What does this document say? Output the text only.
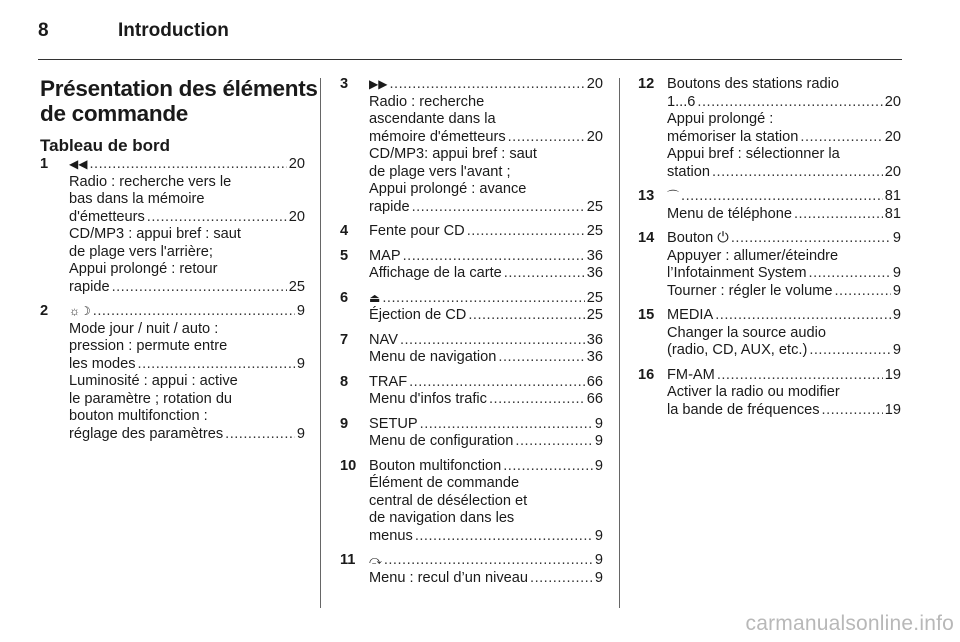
8	Introduction
Présentation des éléments
de commande
Tableau de bord
1	◀◀ .....	20
Radio : recherche vers le
bas dans la mémoire
d'émetteurs .....	20
CD/MP3 : appui bref : saut
de plage vers l'arrière;
Appui prolongé : retour
rapide .....	25
2	☼☽ .....	9
Mode jour / nuit / auto :
pression : permute entre
les modes .....	9
Luminosité : appui : active
le paramètre ; rotation du
bouton multifonction :
réglage des paramètres .....	9
3	▶▶ .....	20
Radio : recherche
ascendante dans la
mémoire d'émetteurs .....	20
CD/MP3: appui bref : saut
de plage vers l'avant ;
Appui prolongé : avance
rapide .....	25
4	Fente pour CD .....	25
5	MAP .....	36
Affichage de la carte .....	36
6	⏏ .....	25
Éjection de CD .....	25
7	NAV .....	36
Menu de navigation .....	36
8	TRAF .....	66
Menu d'infos trafic .....	66
9	SETUP .....	9
Menu de configuration .....	9
10 Bouton multifonction .....	9
Élément de commande
central de désélection et
de navigation dans les
menus .....	9
11	⤼ .....	9
Menu : recul d’un niveau .....	9
12 Boutons des stations radio
1...6 .....	20
Appui prolongé :
mémoriser la station .....	20
Appui bref : sélectionner la
station .....	20
13	⌒ .....	81
Menu de téléphone .....	81
14 Bouton ⏻ .....	9
Appuyer : allumer/éteindre
l’Infotainment System .....	9
Tourner : régler le volume .....	9
15 MEDIA .....	9
Changer la source audio
(radio, CD, AUX, etc.) .....	9
16 FM-AM .....	19
Activer la radio ou modifier
la bande de fréquences .....	19
carmanualsonline.info
